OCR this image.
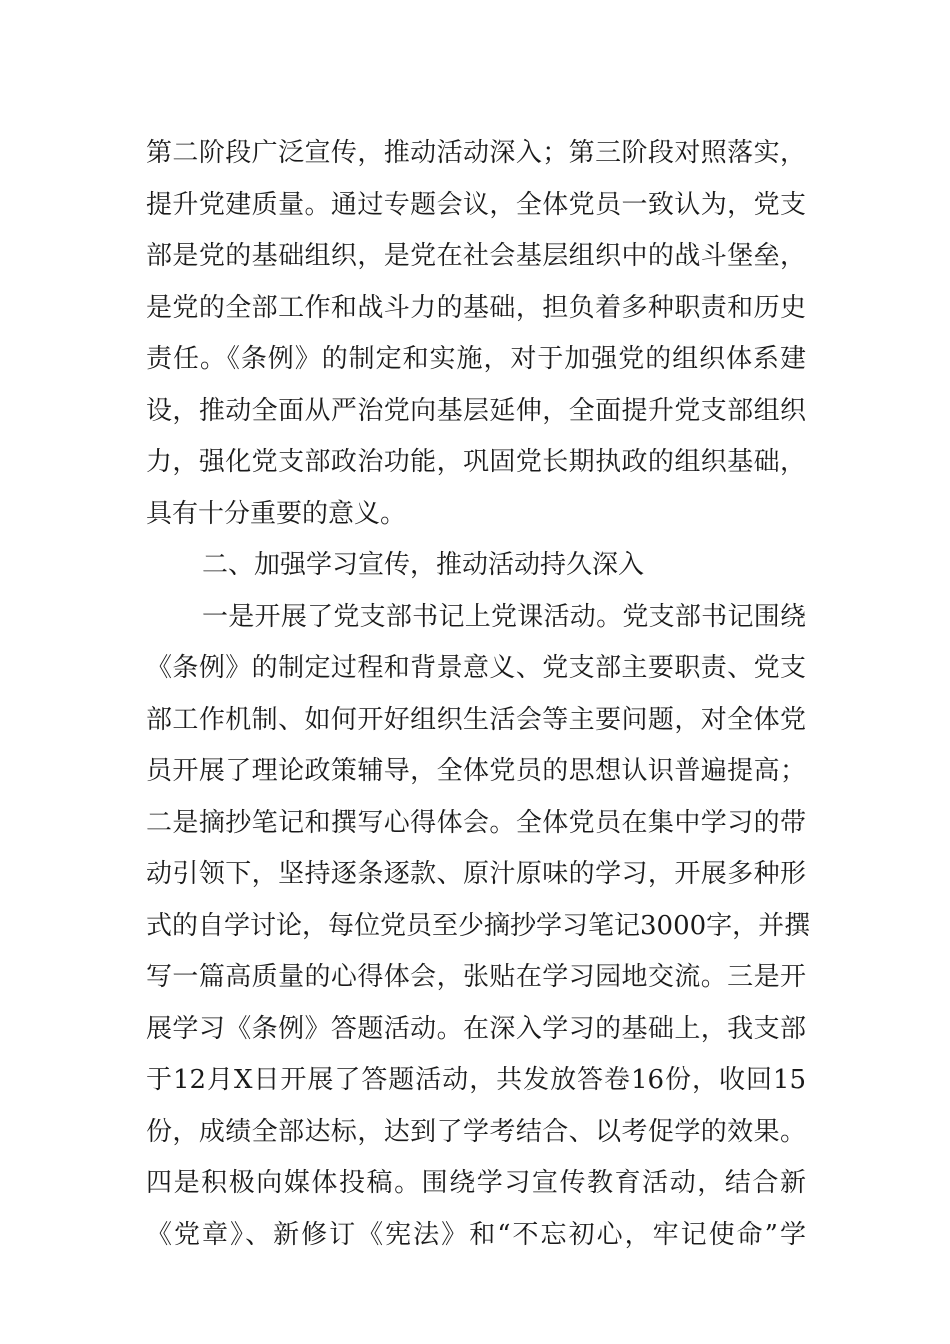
第二阶段广泛宣传，推动活动深入；第三阶段对照落实，
提升党建质量。通过专题会议，全体党员一致认为，党支
部是党的基础组织，是党在社会基层组织中的战斗堡垒，
是党的全部工作和战斗力的基础，担负着多种职责和历史
责任。《条例》的制定和实施，对于加强党的组织体系建
设，推动全面从严治党向基层延伸，全面提升党支部组织
力，强化党支部政治功能，巩固党长期执政的组织基础，
具有十分重要的意义。
二、加强学习宣传，推动活动持久深入
一是开展了党支部书记上党课活动。党支部书记围绕
《条例》的制定过程和背景意义、党支部主要职责、党支
部工作机制、如何开好组织生活会等主要问题，对全体党
员开展了理论政策辅导，全体党员的思想认识普遍提高；
二是摘抄笔记和撰写心得体会。全体党员在集中学习的带
动引领下，坚持逐条逐款、原汁原味的学习，开展多种形
式的自学讨论，每位党员至少摘抄学习笔记3000字，并撰
写一篇高质量的心得体会，张贴在学习园地交流。三是开
展学习《条例》答题活动。在深入学习的基础上，我支部
于12月X日开展了答题活动，共发放答卷16份，收回15
份，成绩全部达标，达到了学考结合、以考促学的效果。
四是积极向媒体投稿。围绕学习宣传教育活动，结合新
《党章》、新修订《宪法》和“不忘初心，牢记使命”学
